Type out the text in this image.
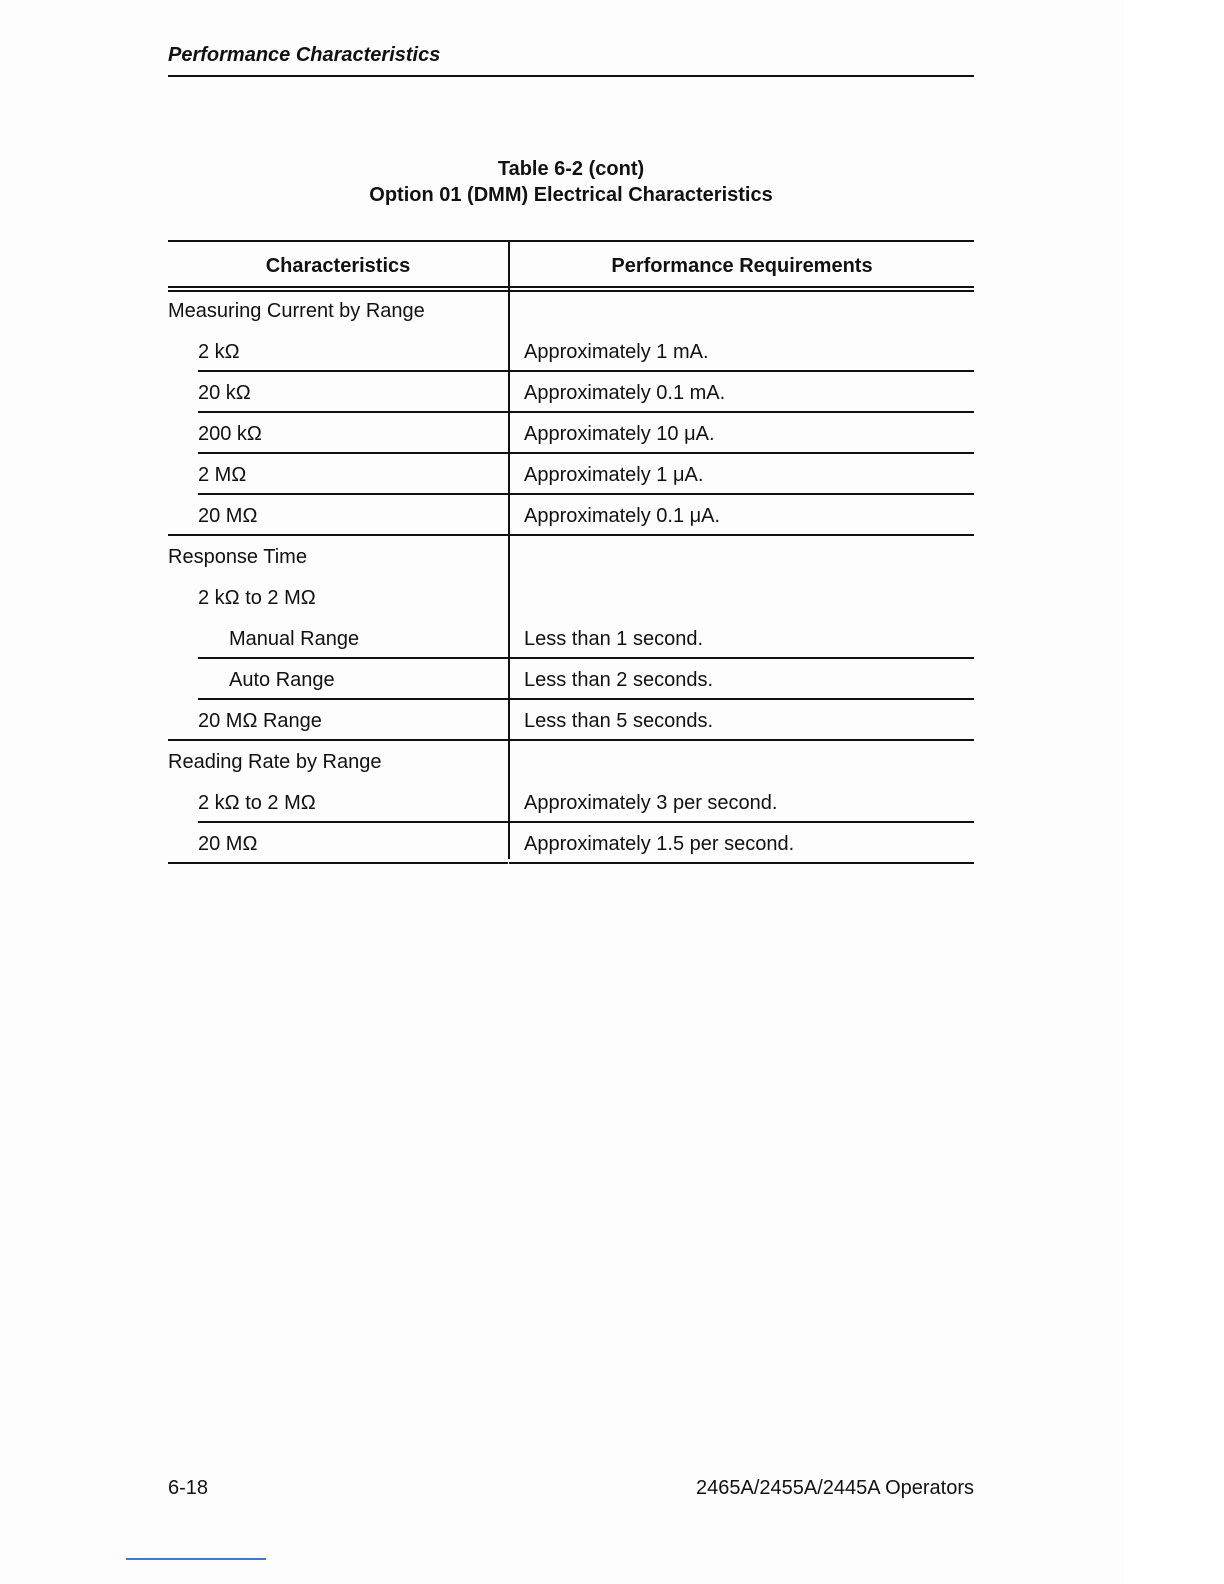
Performance Characteristics
Table 6-2 (cont)
Option 01 (DMM) Electrical Characteristics
Characteristics	Performance Requirements
Measuring Current by Range
2 kΩ	Approximately 1 mA.
20 kΩ	Approximately 0.1 mA.
200 kΩ	Approximately 10 μA.
2 MΩ	Approximately 1 μA.
20 MΩ	Approximately 0.1 μA.
Response Time
2 kΩ to 2 MΩ
Manual Range	Less than 1 second.
Auto Range	Less than 2 seconds.
20 MΩ Range	Less than 5 seconds.
Reading Rate by Range
2 kΩ to 2 MΩ	Approximately 3 per second.
20 MΩ	Approximately 1.5 per second.
6-18	2465A/2455A/2445A Operators
